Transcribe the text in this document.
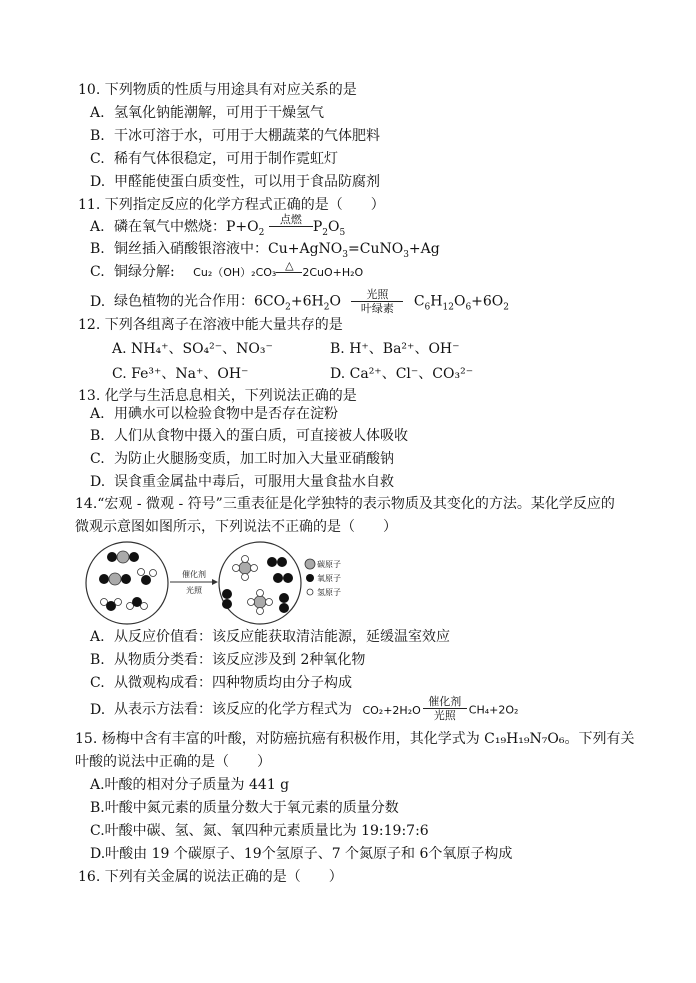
10. 下列物质的性质与用途具有对应关系的是
A. 氢氧化钠能潮解，可用于干燥氢气
B. 干冰可溶于水，可用于大棚蔬菜的气体肥料
C. 稀有气体很稳定，可用于制作霓虹灯
D. 甲醛能使蛋白质变性，可以用于食品防腐剂
11. 下列指定反应的化学方程式正确的是（　　）
A. 磷在氧气中燃烧：$P+O_2$
点燃 $P_2O_5$
B. 铜丝插入硝酸银溶液中：Cu+AgNO$_3$=CuNO$_3$+Ag
C. 铜绿分解: Cu₂（OH）₂CO₃
△
2CuO+H₂O
D. 绿色植物的光合作用：$6CO_2+6H_2O$	光照
叶绿素	$C_6H_{12}O_6+6O_2$
12. 下列各组离子在溶液中能大量共存的是
A. NH₄⁺、SO₄²⁻、NO₃⁻	B. H⁺、Ba²⁺、OH⁻
C. Fe³⁺、Na⁺、OH⁻	D. Ca²⁺、Cl⁻、CO₃²⁻
13. 化学与生活息息相关，下列说法正确的是
A. 用碘水可以检验食物中是否存在淀粉
B. 人们从食物中摄入的蛋白质，可直接被人体吸收
C. 为防止火腿肠变质，加工时加入大量亚硝酸钠
D. 误食重金属盐中毒后，可服用大量食盐水自救
14.“宏观 - 微观 - 符号”三重表征是化学独特的表示物质及其变化的方法。某化学反应的
微观示意图如图所示，下列说法不正确的是（　　）
催化剂
光照
碳原子
氧原子
氢原子
A. 从反应价值看：该反应能获取清洁能源，延缓温室效应
B. 从物质分类看：该反应涉及到 2种氧化物
C. 从微观构成看：四种物质均由分子构成
D. 从表示方法看：该反应的化学方程式为 CO₂+2H₂O
催化剂
光照	CH₄+2O₂
15. 杨梅中含有丰富的叶酸，对防癌抗癌有积极作用，其化学式为 C₁₉H₁₉N₇O₆。下列有关
叶酸的说法中正确的是（　　）
A.叶酸的相对分子质量为 441 g
B.叶酸中氮元素的质量分数大于氧元素的质量分数
C.叶酸中碳、氢、氮、氧四种元素质量比为 19:19:7:6
D.叶酸由 19 个碳原子、19个氢原子、7 个氮原子和 6个氧原子构成
16. 下列有关金属的说法正确的是（　　）
